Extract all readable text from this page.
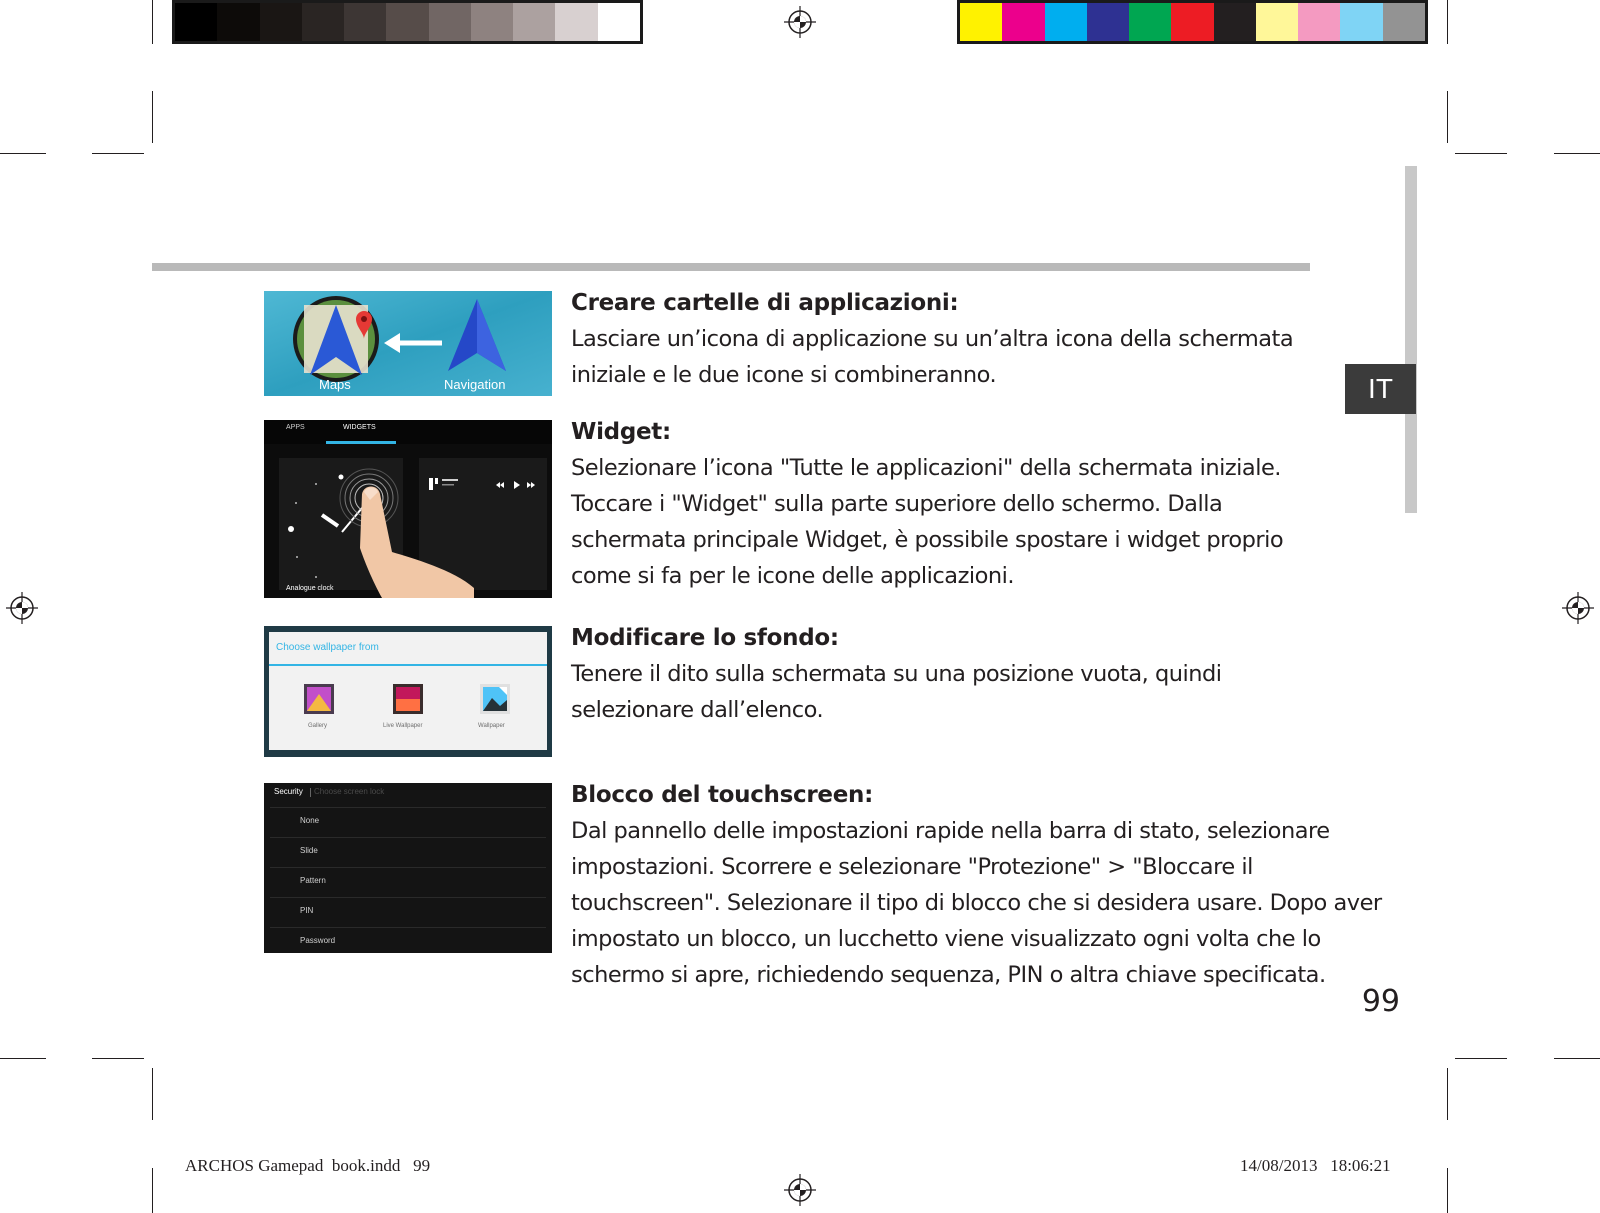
IT
Maps	Navigation
APPS	WIDGETS
Analogue clock
Choose wallpaper from
Gallery	Live Wallpaper	Wallpaper
Security Choose screen lock
None
Slide
Pattern
PIN
Password
Creare cartelle di applicazioni:
Lasciare un’icona di applicazione su un’altra icona della schermata iniziale e le due icone si combineranno.
Widget:
Selezionare l’icona "Tutte le applicazioni" della schermata iniziale. Toccare i "Widget" sulla parte superiore dello schermo. Dalla schermata principale Widget, è possibile spostare i widget proprio come si fa per le icone delle applicazioni.
Modificare lo sfondo:
Tenere il dito sulla schermata su una posizione vuota, quindi selezionare dall’elenco.
Blocco del touchscreen:
Dal pannello delle impostazioni rapide nella barra di stato, selezionare impostazioni. Scorrere e selezionare "Protezione" > "Bloccare il touchscreen". Selezionare il tipo di blocco che si desidera usare. Dopo aver impostato un blocco, un lucchetto viene visualizzato ogni volta che lo schermo si apre, richiedendo sequenza, PIN o altra chiave specificata.
99
ARCHOS Gamepad  book.indd   99	14/08/2013   18:06:21
